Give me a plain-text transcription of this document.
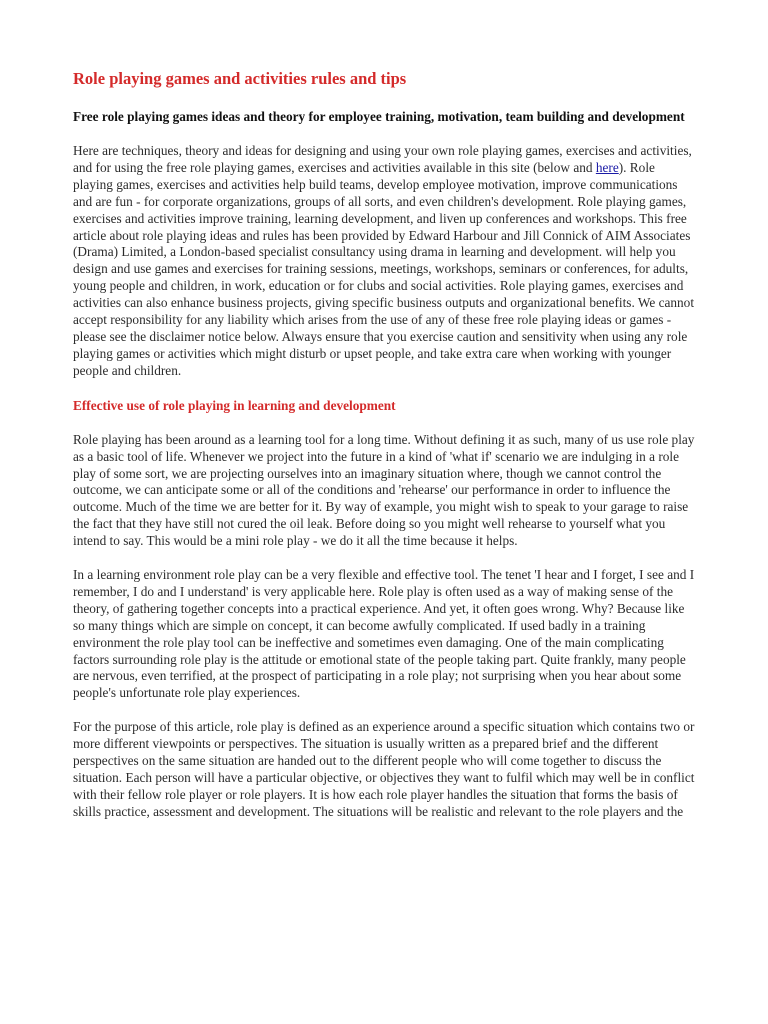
Role playing games and activities rules and tips

Free role playing games ideas and theory for employee training, motivation, team building and development

Here are techniques, theory and ideas for designing and using your own role playing games, exercises and activities, and for using the free role playing games, exercises and activities available in this site (below and here). Role playing games, exercises and activities help build teams, develop employee motivation, improve communications and are fun - for corporate organizations, groups of all sorts, and even children's development. Role playing games, exercises and activities improve training, learning development, and liven up conferences and workshops. This free article about role playing ideas and rules has been provided by Edward Harbour and Jill Connick of AIM Associates (Drama) Limited, a London-based specialist consultancy using drama in learning and development. will help you design and use games and exercises for training sessions, meetings, workshops, seminars or conferences, for adults, young people and children, in work, education or for clubs and social activities. Role playing games, exercises and activities can also enhance business projects, giving specific business outputs and organizational benefits. We cannot accept responsibility for any liability which arises from the use of any of these free role playing ideas or games - please see the disclaimer notice below. Always ensure that you exercise caution and sensitivity when using any role playing games or activities which might disturb or upset people, and take extra care when working with younger people and children.

Effective use of role playing in learning and development

Role playing has been around as a learning tool for a long time. Without defining it as such, many of us use role play as a basic tool of life. Whenever we project into the future in a kind of 'what if' scenario we are indulging in a role play of some sort, we are projecting ourselves into an imaginary situation where, though we cannot control the outcome, we can anticipate some or all of the conditions and 'rehearse' our performance in order to influence the outcome. Much of the time we are better for it. By way of example, you might wish to speak to your garage to raise the fact that they have still not cured the oil leak. Before doing so you might well rehearse to yourself what you intend to say. This would be a mini role play - we do it all the time because it helps.

In a learning environment role play can be a very flexible and effective tool. The tenet 'I hear and I forget, I see and I remember, I do and I understand' is very applicable here. Role play is often used as a way of making sense of the theory, of gathering together concepts into a practical experience. And yet, it often goes wrong. Why? Because like so many things which are simple on concept, it can become awfully complicated. If used badly in a training environment the role play tool can be ineffective and sometimes even damaging. One of the main complicating factors surrounding role play is the attitude or emotional state of the people taking part. Quite frankly, many people are nervous, even terrified, at the prospect of participating in a role play; not surprising when you hear about some people's unfortunate role play experiences.

For the purpose of this article, role play is defined as an experience around a specific situation which contains two or more different viewpoints or perspectives. The situation is usually written as a prepared brief and the different perspectives on the same situation are handed out to the different people who will come together to discuss the situation. Each person will have a particular objective, or objectives they want to fulfil which may well be in conflict with their fellow role player or role players. It is how each role player handles the situation that forms the basis of skills practice, assessment and development. The situations will be realistic and relevant to the role players and the
